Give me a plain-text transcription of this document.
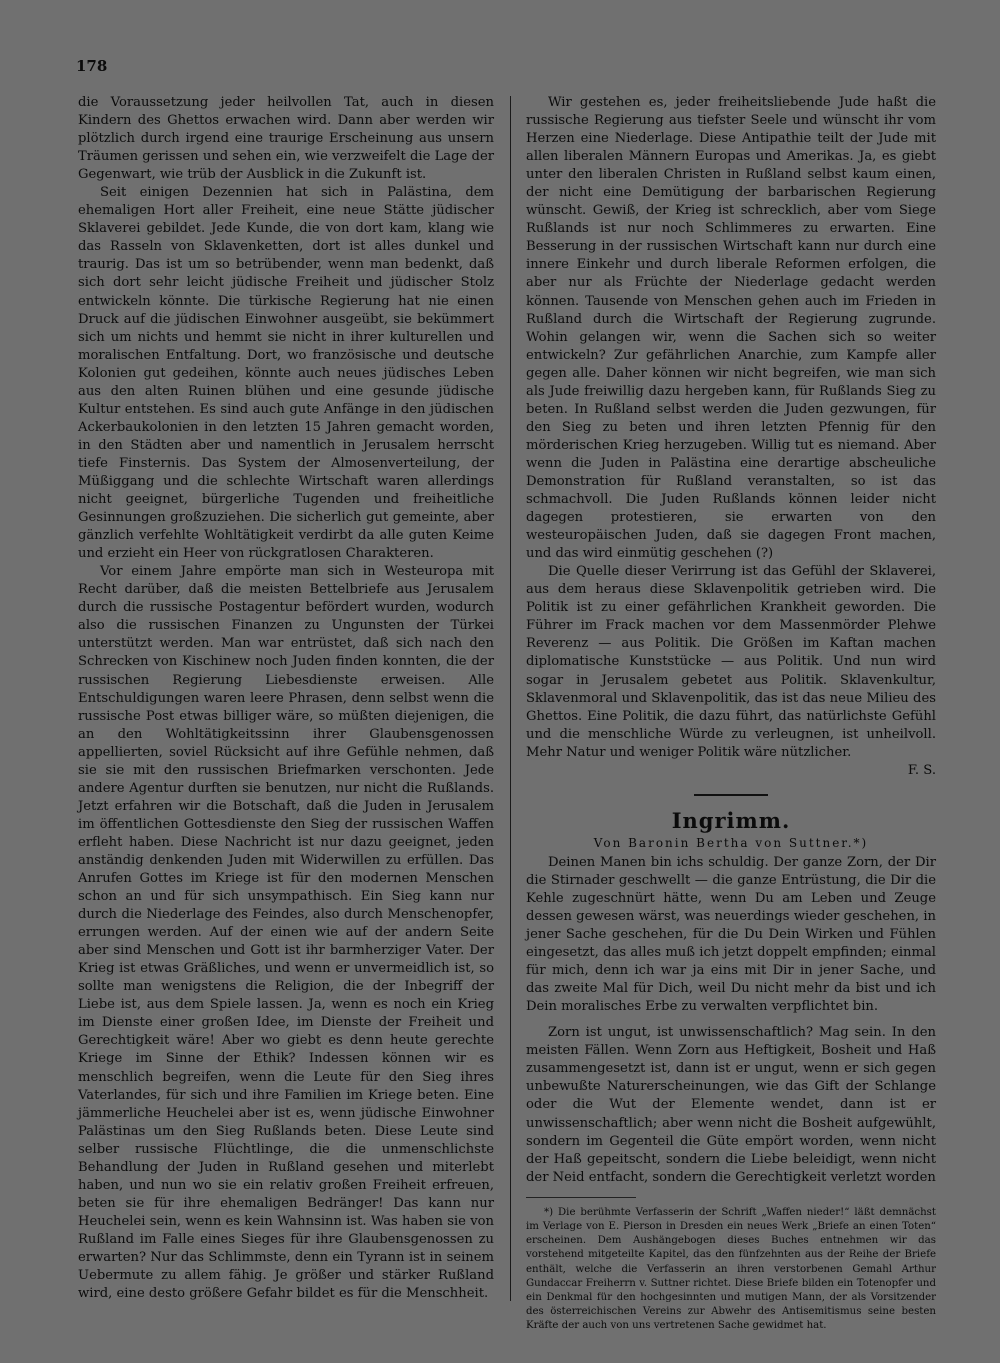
178

die Voraussetzung jeder heilvollen Tat, auch in diesen Kindern des Ghettos erwachen wird. Dann aber werden wir plötzlich durch irgend eine traurige Erscheinung aus unsern Träumen gerissen und sehen ein, wie verzweifelt die Lage der Gegenwart, wie trüb der Ausblick in die Zukunft ist.

Seit einigen Dezennien hat sich in Palästina, dem ehemaligen Hort aller Freiheit, eine neue Stätte jüdischer Sklaverei gebildet. Jede Kunde, die von dort kam, klang wie das Rasseln von Sklavenketten, dort ist alles dunkel und traurig. Das ist um so betrübender, wenn man bedenkt, daß sich dort sehr leicht jüdische Freiheit und jüdischer Stolz entwickeln könnte. Die türkische Regierung hat nie einen Druck auf die jüdischen Einwohner ausgeübt, sie bekümmert sich um nichts und hemmt sie nicht in ihrer kulturellen und moralischen Entfaltung. Dort, wo französische und deutsche Kolonien gut gedeihen, könnte auch neues jüdisches Leben aus den alten Ruinen blühen und eine gesunde jüdische Kultur entstehen. Es sind auch gute Anfänge in den jüdischen Ackerbaukolonien in den letzten 15 Jahren gemacht worden, in den Städten aber und namentlich in Jerusalem herrscht tiefe Finsternis. Das System der Almosenverteilung, der Müßiggang und die schlechte Wirtschaft waren allerdings nicht geeignet, bürgerliche Tugenden und freiheitliche Gesinnungen großzuziehen. Die sicherlich gut gemeinte, aber gänzlich verfehlte Wohltätigkeit verdirbt da alle guten Keime und erzieht ein Heer von rückgratlosen Charakteren.

Vor einem Jahre empörte man sich in Westeuropa mit Recht darüber, daß die meisten Bettelbriefe aus Jerusalem durch die russische Postagentur befördert wurden, wodurch also die russischen Finanzen zu Ungunsten der Türkei unterstützt werden. Man war entrüstet, daß sich nach den Schrecken von Kischinew noch Juden finden konnten, die der russischen Regierung Liebesdienste erweisen. Alle Entschuldigungen waren leere Phrasen, denn selbst wenn die russische Post etwas billiger wäre, so müßten diejenigen, die an den Wohltätigkeitssinn ihrer Glaubensgenossen appellierten, soviel Rücksicht auf ihre Gefühle nehmen, daß sie sie mit den russischen Briefmarken verschonten. Jede andere Agentur durften sie benutzen, nur nicht die Rußlands. Jetzt erfahren wir die Botschaft, daß die Juden in Jerusalem im öffentlichen Gottesdienste den Sieg der russischen Waffen erfleht haben. Diese Nachricht ist nur dazu geeignet, jeden anständig denkenden Juden mit Widerwillen zu erfüllen. Das Anrufen Gottes im Kriege ist für den modernen Menschen schon an und für sich unsympathisch. Ein Sieg kann nur durch die Niederlage des Feindes, also durch Menschenopfer, errungen werden. Auf der einen wie auf der andern Seite aber sind Menschen und Gott ist ihr barmherziger Vater. Der Krieg ist etwas Gräßliches, und wenn er unvermeidlich ist, so sollte man wenigstens die Religion, die der Inbegriff der Liebe ist, aus dem Spiele lassen. Ja, wenn es noch ein Krieg im Dienste einer großen Idee, im Dienste der Freiheit und Gerechtigkeit wäre! Aber wo giebt es denn heute gerechte Kriege im Sinne der Ethik? Indessen können wir es menschlich begreifen, wenn die Leute für den Sieg ihres Vaterlandes, für sich und ihre Familien im Kriege beten. Eine jämmerliche Heuchelei aber ist es, wenn jüdische Einwohner Palästinas um den Sieg Rußlands beten. Diese Leute sind selber russische Flüchtlinge, die die unmenschlichste Behandlung der Juden in Rußland gesehen und miterlebt haben, und nun wo sie ein relativ großen Freiheit erfreuen, beten sie für ihre ehemaligen Bedränger! Das kann nur Heuchelei sein, wenn es kein Wahnsinn ist. Was haben sie von Rußland im Falle eines Sieges für ihre Glaubensgenossen zu erwarten? Nur das Schlimmste, denn ein Tyrann ist in seinem Uebermute zu allem fähig. Je größer und stärker Rußland wird, eine desto größere Gefahr bildet es für die Menschheit.

Wir gestehen es, jeder freiheitsliebende Jude haßt die russische Regierung aus tiefster Seele und wünscht ihr vom Herzen eine Niederlage. Diese Antipathie teilt der Jude mit allen liberalen Männern Europas und Amerikas. Ja, es giebt unter den liberalen Christen in Rußland selbst kaum einen, der nicht eine Demütigung der barbarischen Regierung wünscht. Gewiß, der Krieg ist schrecklich, aber vom Siege Rußlands ist nur noch Schlimmeres zu erwarten. Eine Besserung in der russischen Wirtschaft kann nur durch eine innere Einkehr und durch liberale Reformen erfolgen, die aber nur als Früchte der Niederlage gedacht werden können. Tausende von Menschen gehen auch im Frieden in Rußland durch die Wirtschaft der Regierung zugrunde. Wohin gelangen wir, wenn die Sachen sich so weiter entwickeln? Zur gefährlichen Anarchie, zum Kampfe aller gegen alle. Daher können wir nicht begreifen, wie man sich als Jude freiwillig dazu hergeben kann, für Rußlands Sieg zu beten. In Rußland selbst werden die Juden gezwungen, für den Sieg zu beten und ihren letzten Pfennig für den mörderischen Krieg herzugeben. Willig tut es niemand. Aber wenn die Juden in Palästina eine derartige abscheuliche Demonstration für Rußland veranstalten, so ist das schmachvoll. Die Juden Rußlands können leider nicht dagegen protestieren, sie erwarten von den westeuropäischen Juden, daß sie dagegen Front machen, und das wird einmütig geschehen (?)

Die Quelle dieser Verirrung ist das Gefühl der Sklaverei, aus dem heraus diese Sklavenpolitik getrieben wird. Die Politik ist zu einer gefährlichen Krankheit geworden. Die Führer im Frack machen vor dem Massenmörder Plehwe Reverenz — aus Politik. Die Größen im Kaftan machen diplomatische Kunststücke — aus Politik. Und nun wird sogar in Jerusalem gebetet aus Politik. Sklavenkultur, Sklavenmoral und Sklavenpolitik, das ist das neue Milieu des Ghettos. Eine Politik, die dazu führt, das natürlichste Gefühl und die menschliche Würde zu verleugnen, ist unheilvoll. Mehr Natur und weniger Politik wäre nützlicher.

F. S.
Ingrimm.
Von Baronin Bertha von Suttner.*)

Deinen Manen bin ichs schuldig. Der ganze Zorn, der Dir die Stirnader geschwellt — die ganze Entrüstung, die Dir die Kehle zugeschnürt hätte, wenn Du am Leben und Zeuge dessen gewesen wärst, was neuerdings wieder geschehen, in jener Sache geschehen, für die Du Dein Wirken und Fühlen eingesetzt, das alles muß ich jetzt doppelt empfinden; einmal für mich, denn ich war ja eins mit Dir in jener Sache, und das zweite Mal für Dich, weil Du nicht mehr da bist und ich Dein moralisches Erbe zu verwalten verpflichtet bin.

Zorn ist ungut, ist unwissenschaftlich? Mag sein. In den meisten Fällen. Wenn Zorn aus Heftigkeit, Bosheit und Haß zusammengesetzt ist, dann ist er ungut, wenn er sich gegen unbewußte Naturerscheinungen, wie das Gift der Schlange oder die Wut der Elemente wendet, dann ist er unwissenschaftlich; aber wenn nicht die Bosheit aufgewühlt, sondern im Gegenteil die Güte empört worden, wenn nicht der Haß gepeitscht, sondern die Liebe beleidigt, wenn nicht der Neid entfacht, sondern die Gerechtigkeit verletzt worden

*) Die berühmte Verfasserin der Schrift „Waffen nieder!“ läßt demnächst im Verlage von E. Pierson in Dresden ein neues Werk „Briefe an einen Toten“ erscheinen. Dem Aushängebogen dieses Buches entnehmen wir das vorstehend mitgeteilte Kapitel, das den fünfzehnten aus der Reihe der Briefe enthält, welche die Verfasserin an ihren verstorbenen Gemahl Arthur Gundaccar Freiherrn v. Suttner richtet. Diese Briefe bilden ein Totenopfer und ein Denkmal für den hochgesinnten und mutigen Mann, der als Vorsitzender des österreichischen Vereins zur Abwehr des Antisemitismus seine besten Kräfte der auch von uns vertretenen Sache gewidmet hat.
